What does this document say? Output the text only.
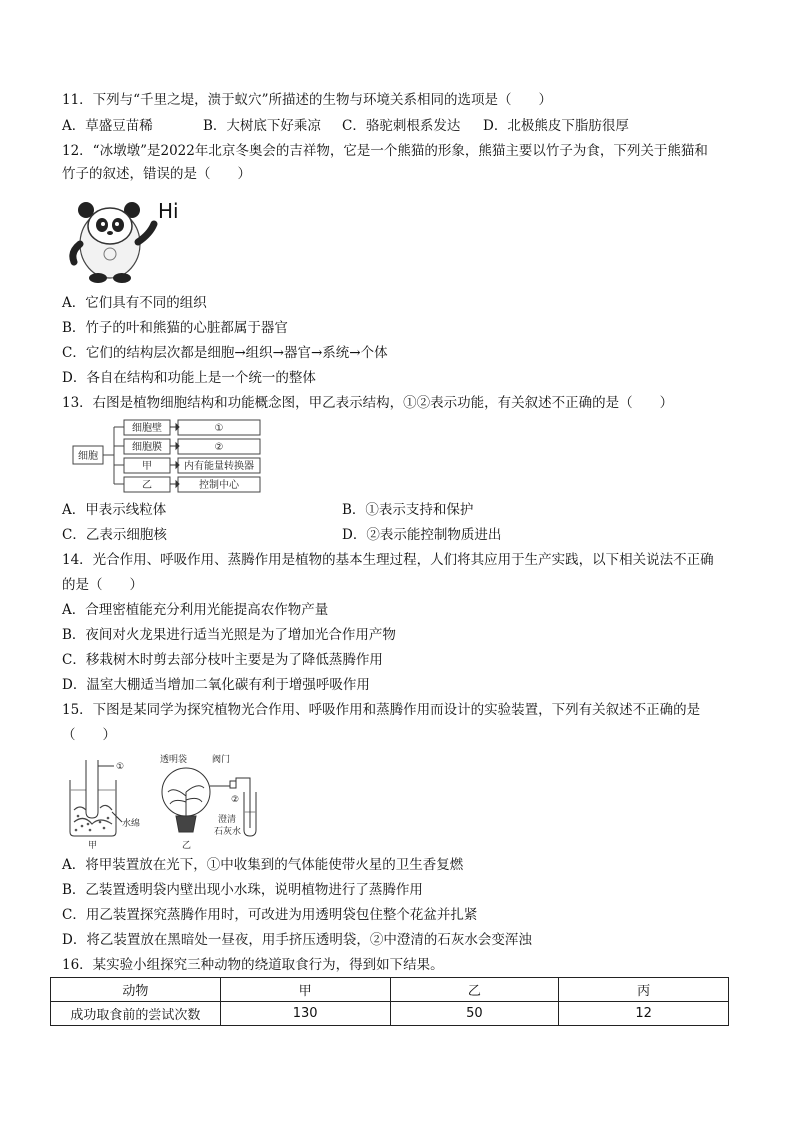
11．下列与“千里之堤，溃于蚁穴”所描述的生物与环境关系相同的选项是（　　）
A．草盛豆苗稀	B．大树底下好乘凉 C．骆驼刺根系发达 D．北极熊皮下脂肪很厚
12．“冰墩墩”是2022年北京冬奥会的吉祥物，它是一个熊猫的形象，熊猫主要以竹子为食，下列关于熊猫和
竹子的叙述，错误的是（　　）
Hi
A．它们具有不同的组织
B．竹子的叶和熊猫的心脏都属于器官
C．它们的结构层次都是细胞→组织→器官→系统→个体
D．各自在结构和功能上是一个统一的整体
13．右图是植物细胞结构和功能概念图，甲乙表示结构，①②表示功能，有关叙述不正确的是（　　）
细胞
细胞壁
细胞膜
甲
乙
①
②
内有能量转换器
控制中心
A．甲表示线粒体	B．①表示支持和保护
C．乙表示细胞核	D．②表示能控制物质进出
14．光合作用、呼吸作用、蒸腾作用是植物的基本生理过程，人们将其应用于生产实践，以下相关说法不正确
的是（　　）
A．合理密植能充分利用光能提高农作物产量
B．夜间对火龙果进行适当光照是为了增加光合作用产物
C．移栽树木时剪去部分枝叶主要是为了降低蒸腾作用
D．温室大棚适当增加二氧化碳有利于增强呼吸作用
15．下图是某同学为探究植物光合作用、呼吸作用和蒸腾作用而设计的实验装置，下列有关叙述不正确的是
（　　）
①
水绵
甲
透明袋	阀门
②
澄清
石灰水
乙
A．将甲装置放在光下，①中收集到的气体能使带火星的卫生香复燃
B．乙装置透明袋内壁出现小水珠，说明植物进行了蒸腾作用
C．用乙装置探究蒸腾作用时，可改进为用透明袋包住整个花盆并扎紧
D．将乙装置放在黑暗处一昼夜，用手挤压透明袋，②中澄清的石灰水会变浑浊
16．某实验小组探究三种动物的绕道取食行为，得到如下结果。
动物	甲	乙	丙
成功取食前的尝试次数	130	50	12
